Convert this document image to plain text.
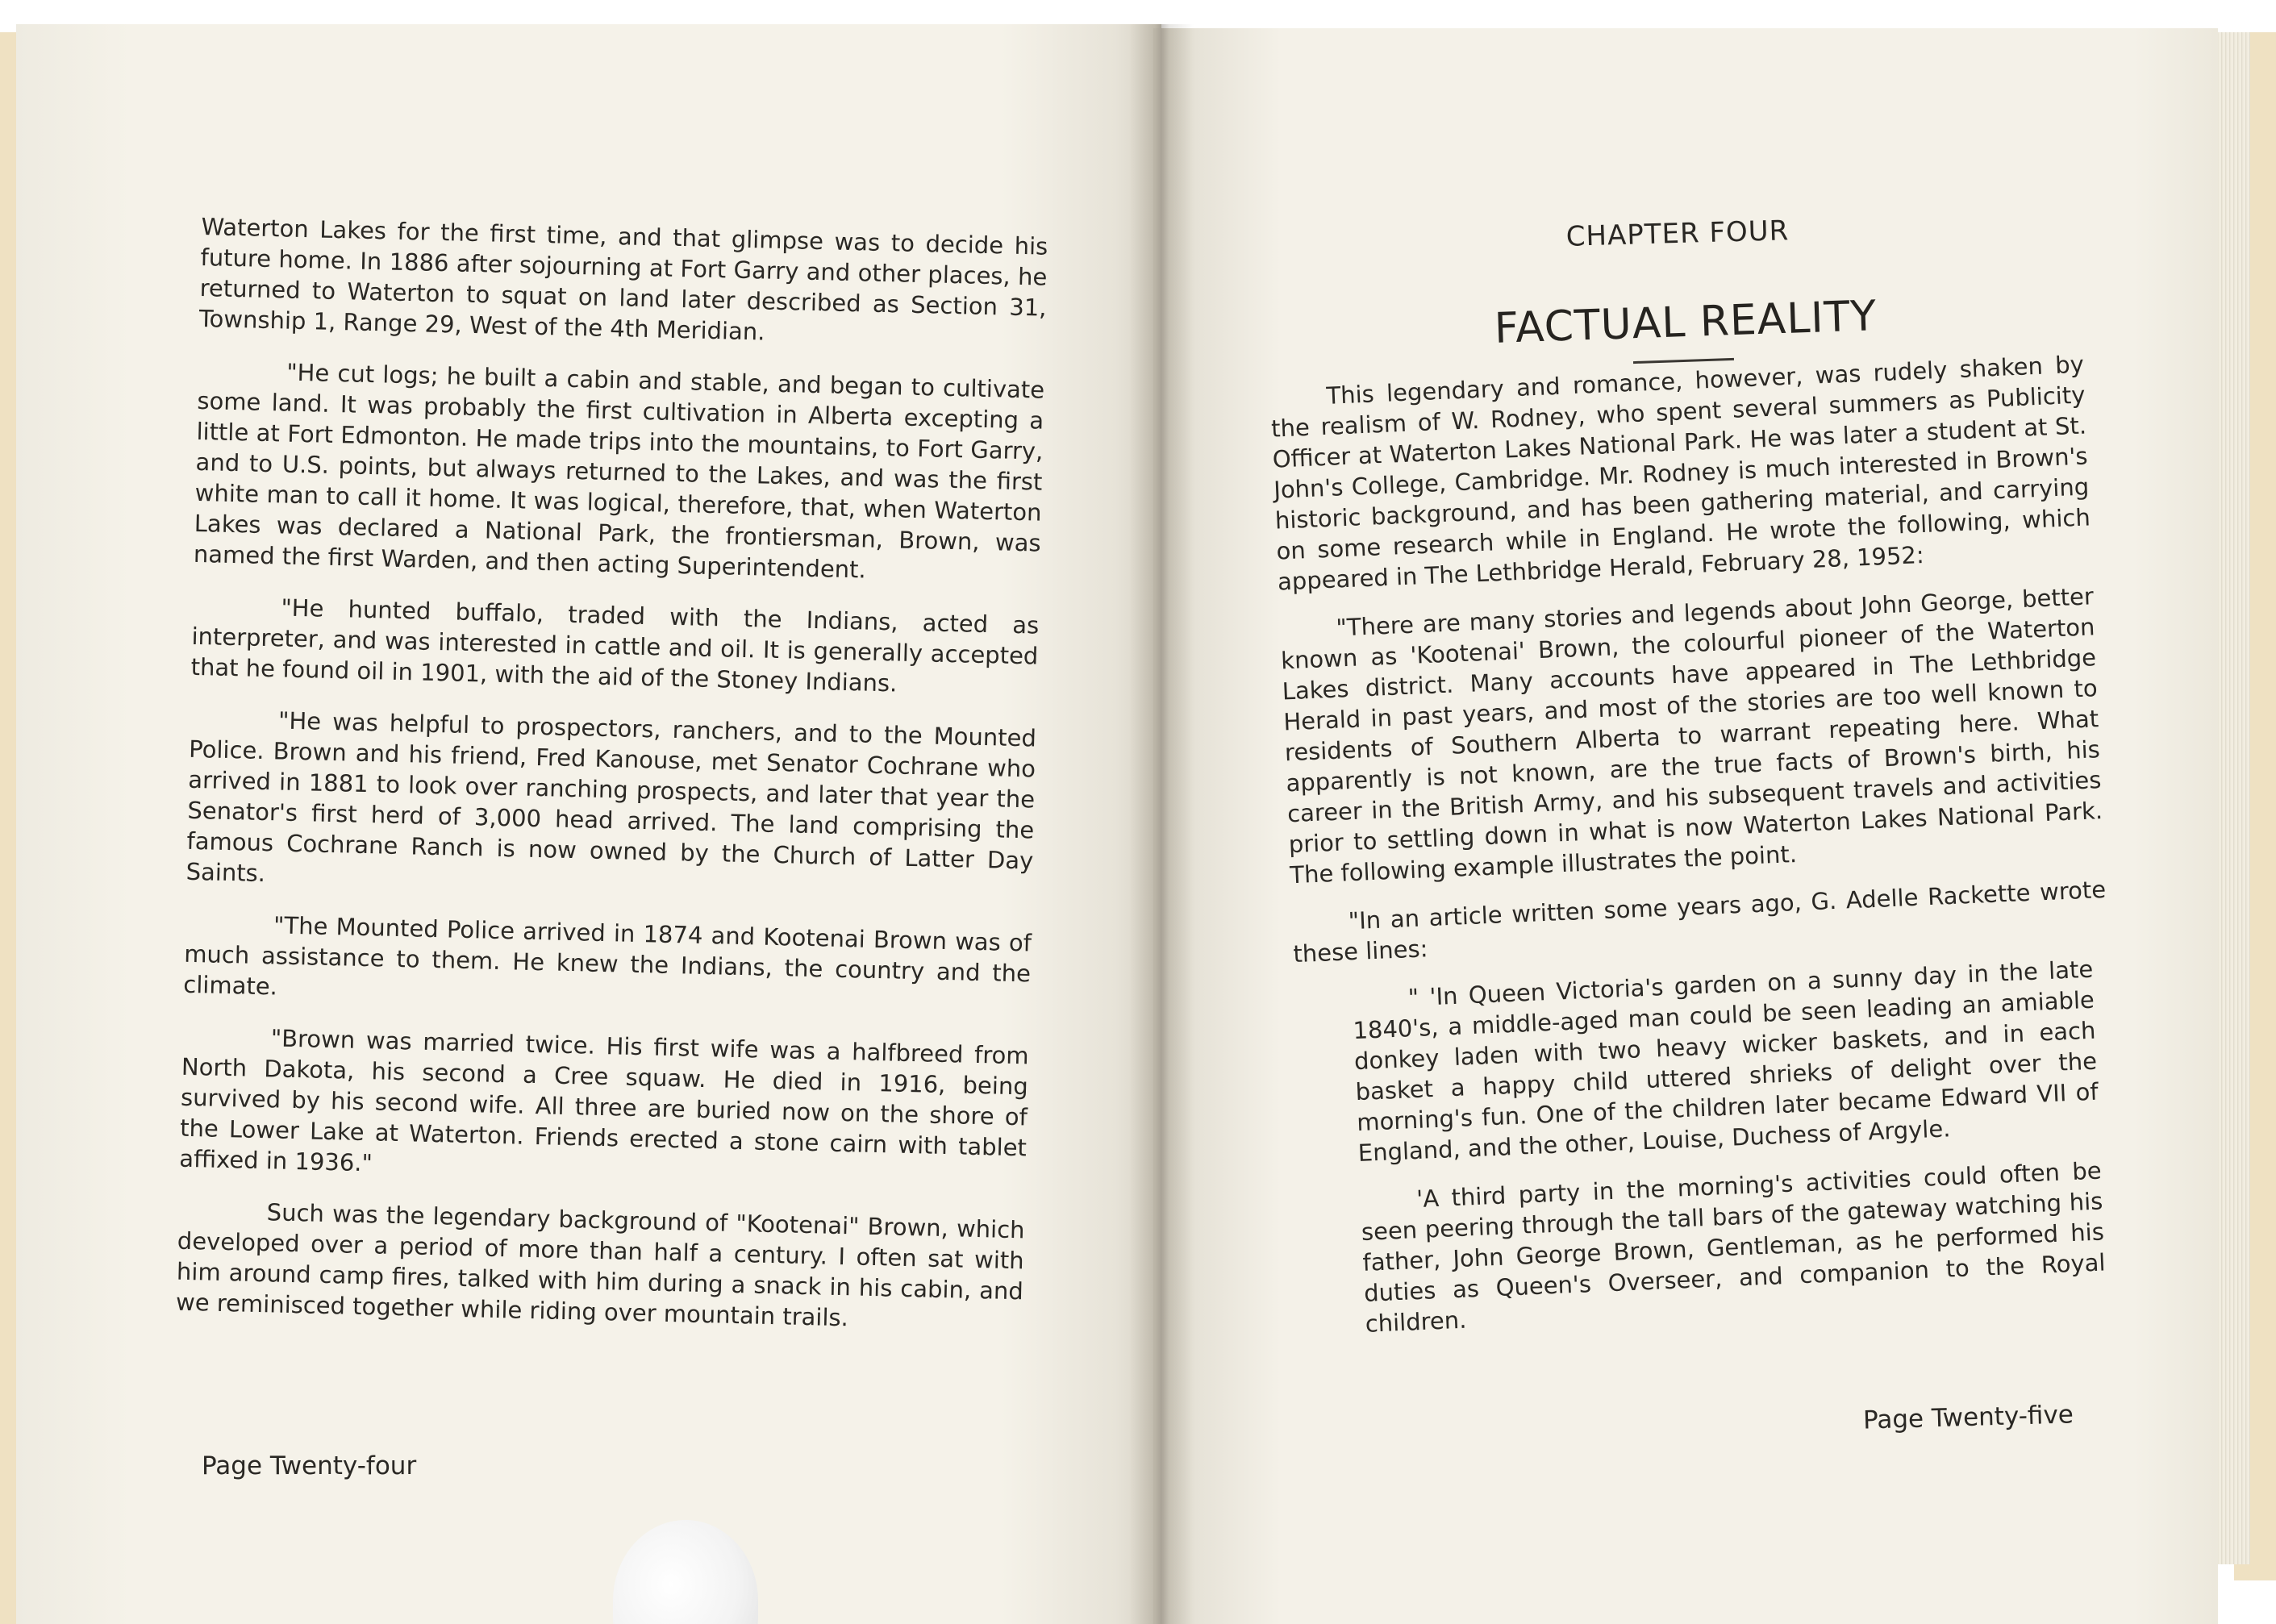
Waterton Lakes for the first time, and that glimpse was to decide his future home. In 1886 after sojourning at Fort Garry and other places, he returned to Waterton to squat on land later described as Section 31, Township 1, Range 29, West of the 4th Meridian.

"He cut logs; he built a cabin and stable, and began to cultivate some land. It was probably the first cultivation in Alberta excepting a little at Fort Edmonton. He made trips into the mountains, to Fort Garry, and to U.S. points, but always returned to the Lakes, and was the first white man to call it home. It was logical, therefore, that, when Waterton Lakes was declared a National Park, the frontiersman, Brown, was named the first Warden, and then acting Superintendent.

"He hunted buffalo, traded with the Indians, acted as interpreter, and was interested in cattle and oil. It is generally accepted that he found oil in 1901, with the aid of the Stoney Indians.

"He was helpful to prospectors, ranchers, and to the Mounted Police. Brown and his friend, Fred Kanouse, met Senator Cochrane who arrived in 1881 to look over ranching prospects, and later that year the Senator's first herd of 3,000 head arrived. The land comprising the famous Cochrane Ranch is now owned by the Church of Latter Day Saints.

"The Mounted Police arrived in 1874 and Kootenai Brown was of much assistance to them. He knew the Indians, the country and the climate.

"Brown was married twice. His first wife was a halfbreed from North Dakota, his second a Cree squaw. He died in 1916, being survived by his second wife. All three are buried now on the shore of the Lower Lake at Waterton. Friends erected a stone cairn with tablet affixed in 1936."

Such was the legendary background of "Kootenai" Brown, which developed over a period of more than half a century. I often sat with him around camp fires, talked with him during a snack in his cabin, and we reminisced together while riding over mountain trails.

Page Twenty-four
CHAPTER FOUR
FACTUAL REALITY

This legendary and romance, however, was rudely shaken by the realism of W. Rodney, who spent several summers as Publicity Officer at Waterton Lakes National Park. He was later a student at St. John's College, Cambridge. Mr. Rodney is much interested in Brown's historic background, and has been gathering material, and carrying on some research while in England. He wrote the following, which appeared in The Lethbridge Herald, February 28, 1952:

"There are many stories and legends about John George, better known as 'Kootenai' Brown, the colourful pioneer of the Waterton Lakes district. Many accounts have appeared in The Lethbridge Herald in past years, and most of the stories are too well known to residents of Southern Alberta to warrant repeating here. What apparently is not known, are the true facts of Brown's birth, his career in the British Army, and his subsequent travels and activities prior to settling down in what is now Waterton Lakes National Park. The following example illustrates the point.

"In an article written some years ago, G. Adelle Rackette wrote these lines:

" 'In Queen Victoria's garden on a sunny day in the late 1840's, a middle-aged man could be seen leading an amiable donkey laden with two heavy wicker baskets, and in each basket a happy child uttered shrieks of delight over the morning's fun. One of the children later became Edward VII of England, and the other, Louise, Duchess of Argyle.

'A third party in the morning's activities could often be seen peering through the tall bars of the gateway watching his father, John George Brown, Gentleman, as he performed his duties as Queen's Overseer, and companion to the Royal children.

Page Twenty-five
